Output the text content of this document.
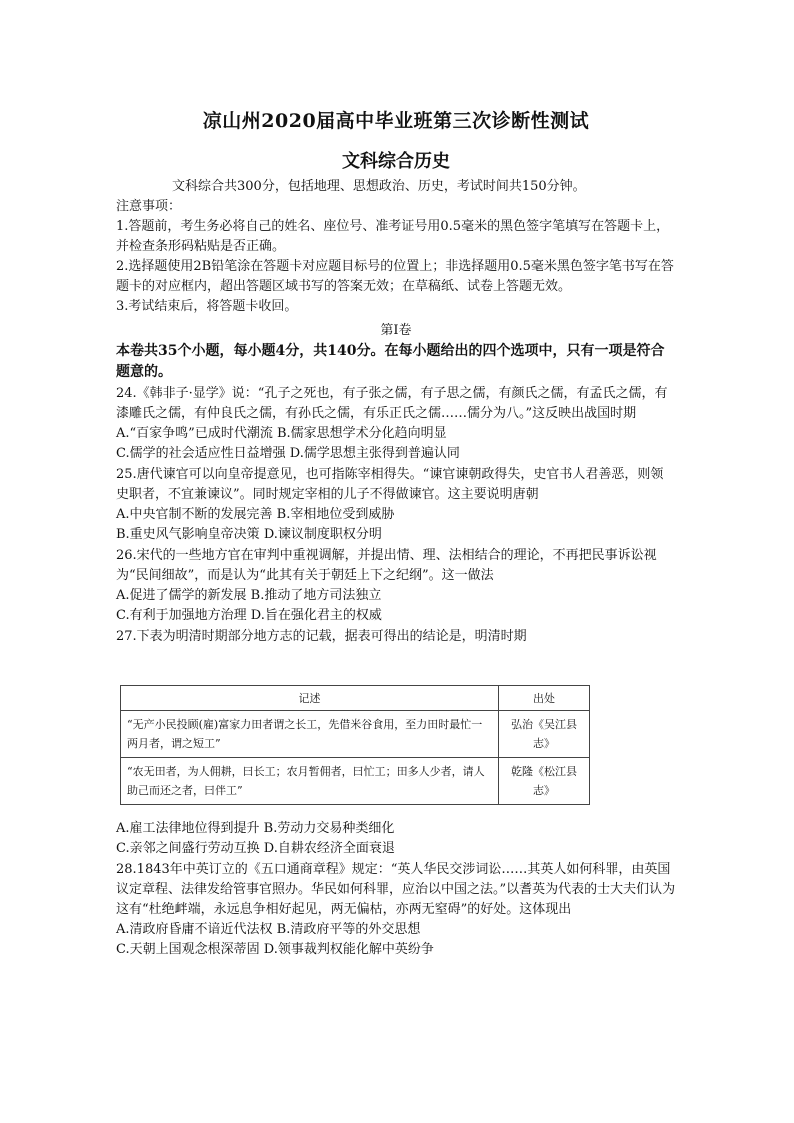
凉山州2020届高中毕业班第三次诊断性测试
文科综合历史

文科综合共300分，包括地理、思想政治、历史，考试时间共150分钟。

注意事项：

1.答题前，考生务必将自己的姓名、座位号、准考证号用0.5毫米的黑色签字笔填写在答题卡上，并检查条形码粘贴是否正确。

2.选择题使用2B铅笔涂在答题卡对应题目标号的位置上；非选择题用0.5毫米黑色签字笔书写在答题卡的对应框内，超出答题区域书写的答案无效；在草稿纸、试卷上答题无效。

3.考试结束后，将答题卡收回。

第Ⅰ卷

本卷共35个小题，每小题4分，共140分。在每小题给出的四个选项中，只有一项是符合题意的。

24.《韩非子·显学》说：“孔子之死也，有子张之儒，有子思之儒，有颜氏之儒，有孟氏之儒，有漆雕氏之儒，有仲良氏之儒，有孙氏之儒，有乐正氏之儒……儒分为八。”这反映出战国时期

A.“百家争鸣”已成时代潮流 B.儒家思想学术分化趋向明显

C.儒学的社会适应性日益增强 D.儒学思想主张得到普遍认同

25.唐代谏官可以向皇帝提意见，也可指陈宰相得失。“谏官谏朝政得失，史官书人君善恶，则领史职者，不宜兼谏议”。同时规定宰相的儿子不得做谏官。这主要说明唐朝

A.中央官制不断的发展完善 B.宰相地位受到威胁

B.重史风气影响皇帝决策 D.谏议制度职权分明

26.宋代的一些地方官在审判中重视调解，并提出情、理、法相结合的理论，不再把民事诉讼视为“民间细故”，而是认为“此其有关于朝廷上下之纪纲”。这一做法

A.促进了儒学的新发展 B.推动了地方司法独立

C.有利于加强地方治理 D.旨在强化君主的权威

27.下表为明清时期部分地方志的记载，据表可得出的结论是，明清时期

记述	出处
“无产小民投顾(雇)富家力田者谓之长工，先借米谷食用，至力田时最忙一两月者，谓之短工”	弘治《吴江县志》
“农无田者，为人佣耕，曰长工；农月暂佣者，曰忙工；田多人少者，请人助己而还之者，曰伴工”	乾隆《松江县志》

A.雇工法律地位得到提升 B.劳动力交易种类细化

C.亲邻之间盛行劳动互换 D.自耕农经济全面衰退

28.1843年中英订立的《五口通商章程》规定：“英人华民交涉词讼……其英人如何科罪，由英国议定章程、法律发给管事官照办。华民如何科罪，应治以中国之法。”以耆英为代表的士大夫们认为这有“杜绝衅端，永远息争相好起见，两无偏枯，亦两无窒碍”的好处。这体现出

A.清政府昏庸不谙近代法权 B.清政府平等的外交思想

C.天朝上国观念根深蒂固 D.领事裁判权能化解中英纷争
